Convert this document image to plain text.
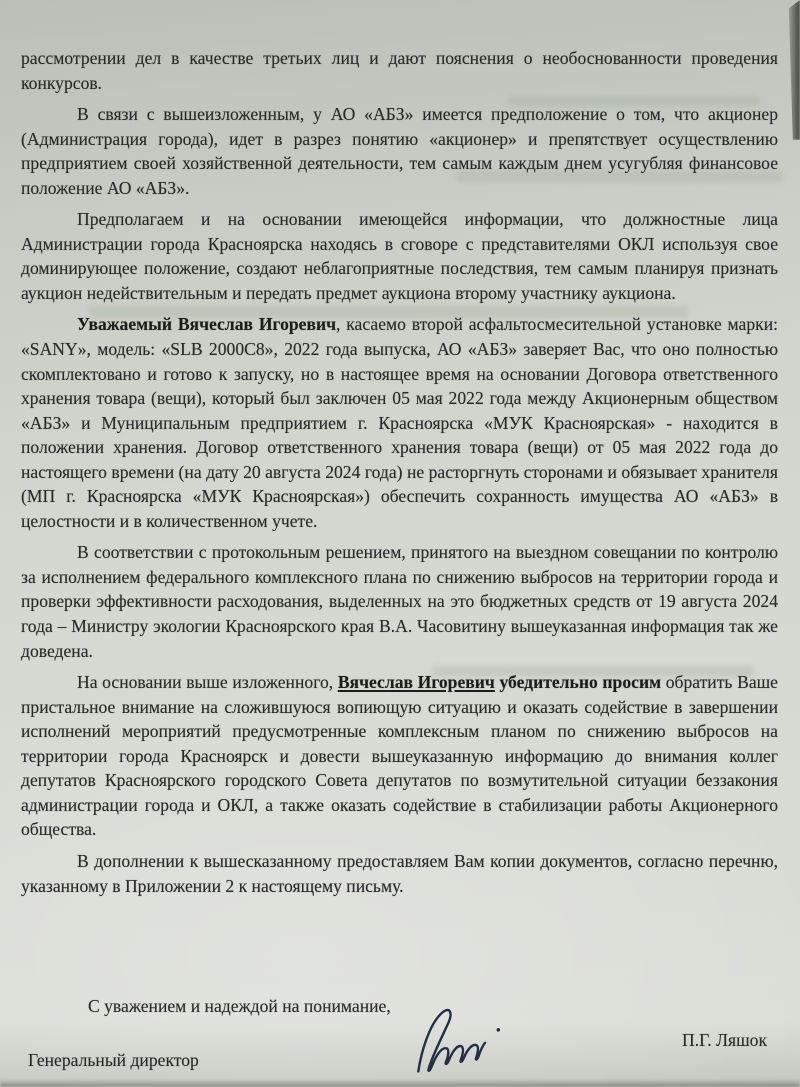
рассмотрении дел в качестве третьих лиц и дают пояснения о необоснованности проведения конкурсов.

В связи с вышеизложенным, у АО «АБЗ» имеется предположение о том, что акционер (Администрация города), идет в разрез понятию «акционер» и препятствует осуществлению предприятием своей хозяйственной деятельности, тем самым каждым днем усугубляя финансовое положение АО «АБЗ».

Предполагаем и на основании имеющейся информации, что должностные лица Администрации города Красноярска находясь в сговоре с представителями ОКЛ используя свое доминирующее положение, создают неблагоприятные последствия, тем самым планируя признать аукцион недействительным и передать предмет аукциона второму участнику аукциона.

Уважаемый Вячеслав Игоревич, касаемо второй асфальтосмесительной установке марки: «SANY», модель: «SLB 2000C8», 2022 года выпуска, АО «АБЗ» заверяет Вас, что оно полностью скомплектовано и готово к запуску, но в настоящее время на основании Договора ответственного хранения товара (вещи), который был заключен 05 мая 2022 года между Акционерным обществом «АБЗ» и Муниципальным предприятием г. Красноярска «МУК Красноярская» - находится в положении хранения. Договор ответственного хранения товара (вещи) от 05 мая 2022 года до настоящего времени (на дату 20 августа 2024 года) не расторгнуть сторонами и обязывает хранителя (МП г. Красноярска «МУК Красноярская») обеспечить сохранность имущества АО «АБЗ» в целостности и в количественном учете.

В соответствии с протокольным решением, принятого на выездном совещании по контролю за исполнением федерального комплексного плана по снижению выбросов на территории города и проверки эффективности расходования, выделенных на это бюджетных средств от 19 августа 2024 года – Министру экологии Красноярского края В.А. Часовитину вышеуказанная информация так же доведена.

На основании выше изложенного, Вячеслав Игоревич убедительно просим обратить Ваше пристальное внимание на сложившуюся вопиющую ситуацию и оказать содействие в завершении исполнений мероприятий предусмотренные комплексным планом по снижению выбросов на территории города Красноярск и довести вышеуказанную информацию до внимания коллег депутатов Красноярского городского Совета депутатов по возмутительной ситуации беззакония администрации города и ОКЛ, а также оказать содействие в стабилизации работы Акционерного общества.

В дополнении к вышесказанному предоставляем Вам копии документов, согласно перечню, указанному в Приложении 2 к настоящему письму.

С уважением и надеждой на понимание,
Генеральный директор
П.Г. Ляшок
